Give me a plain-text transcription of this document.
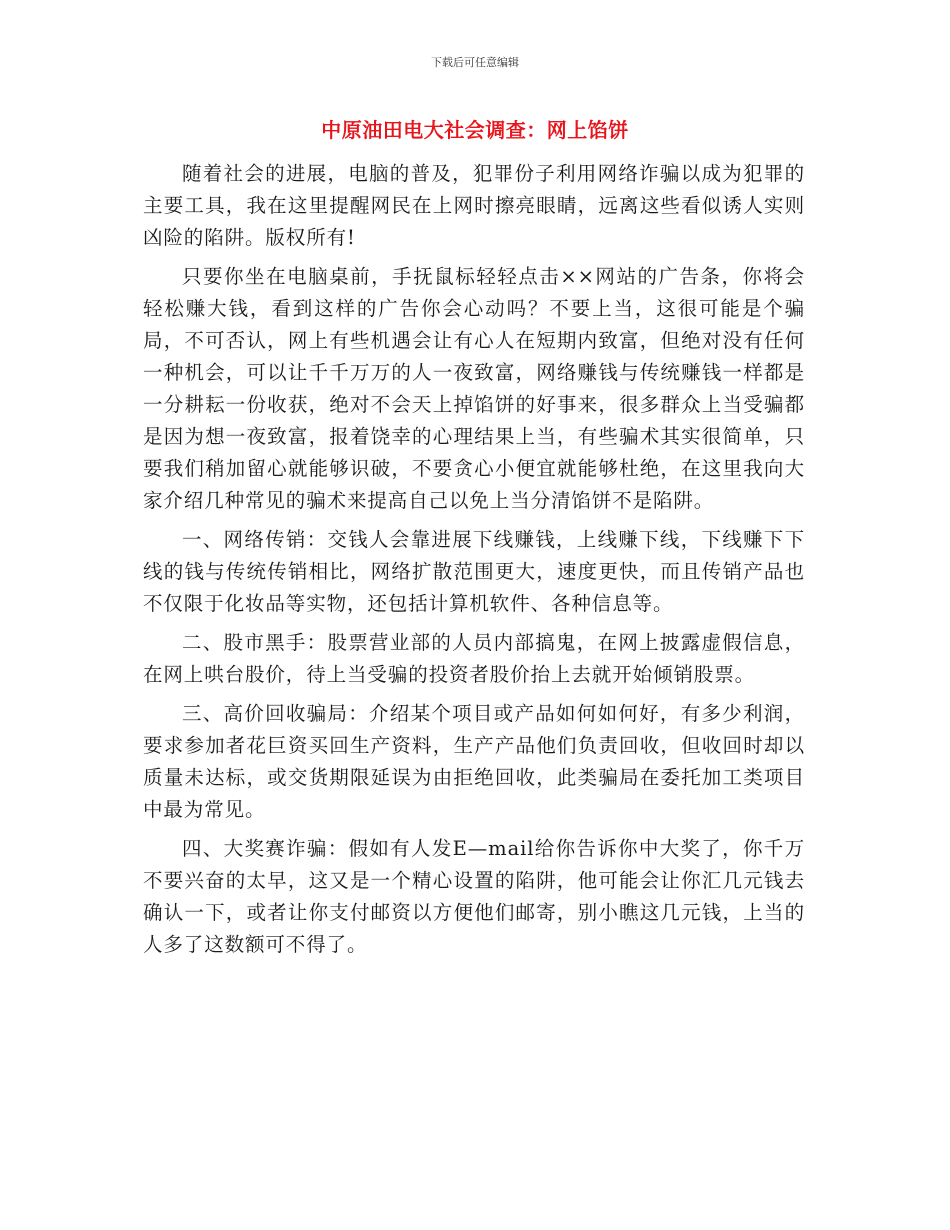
下载后可任意编辑
中原油田电大社会调查：网上馅饼

随着社会的进展，电脑的普及，犯罪份子利用网络诈骗以成为犯罪的主要工具，我在这里提醒网民在上网时擦亮眼睛，远离这些看似诱人实则凶险的陷阱。版权所有!

只要你坐在电脑桌前，手抚鼠标轻轻点击××网站的广告条，你将会轻松赚大钱，看到这样的广告你会心动吗？不要上当，这很可能是个骗局，不可否认，网上有些机遇会让有心人在短期内致富，但绝对没有任何一种机会，可以让千千万万的人一夜致富，网络赚钱与传统赚钱一样都是一分耕耘一份收获，绝对不会天上掉馅饼的好事来，很多群众上当受骗都是因为想一夜致富，报着饶幸的心理结果上当，有些骗术其实很简单，只要我们稍加留心就能够识破，不要贪心小便宜就能够杜绝，在这里我向大家介绍几种常见的骗术来提高自己以免上当分清馅饼不是陷阱。

一、网络传销：交钱人会靠进展下线赚钱，上线赚下线，下线赚下下线的钱与传统传销相比，网络扩散范围更大，速度更快，而且传销产品也不仅限于化妆品等实物，还包括计算机软件、各种信息等。

二、股市黑手：股票营业部的人员内部搞鬼，在网上披露虚假信息，在网上哄台股价，待上当受骗的投资者股价抬上去就开始倾销股票。

三、高价回收骗局：介绍某个项目或产品如何如何好，有多少利润，要求参加者花巨资买回生产资料，生产产品他们负责回收，但收回时却以质量未达标，或交货期限延误为由拒绝回收，此类骗局在委托加工类项目中最为常见。

四、大奖赛诈骗：假如有人发E—mail给你告诉你中大奖了，你千万不要兴奋的太早，这又是一个精心设置的陷阱，他可能会让你汇几元钱去确认一下，或者让你支付邮资以方便他们邮寄，别小瞧这几元钱，上当的人多了这数额可不得了。
